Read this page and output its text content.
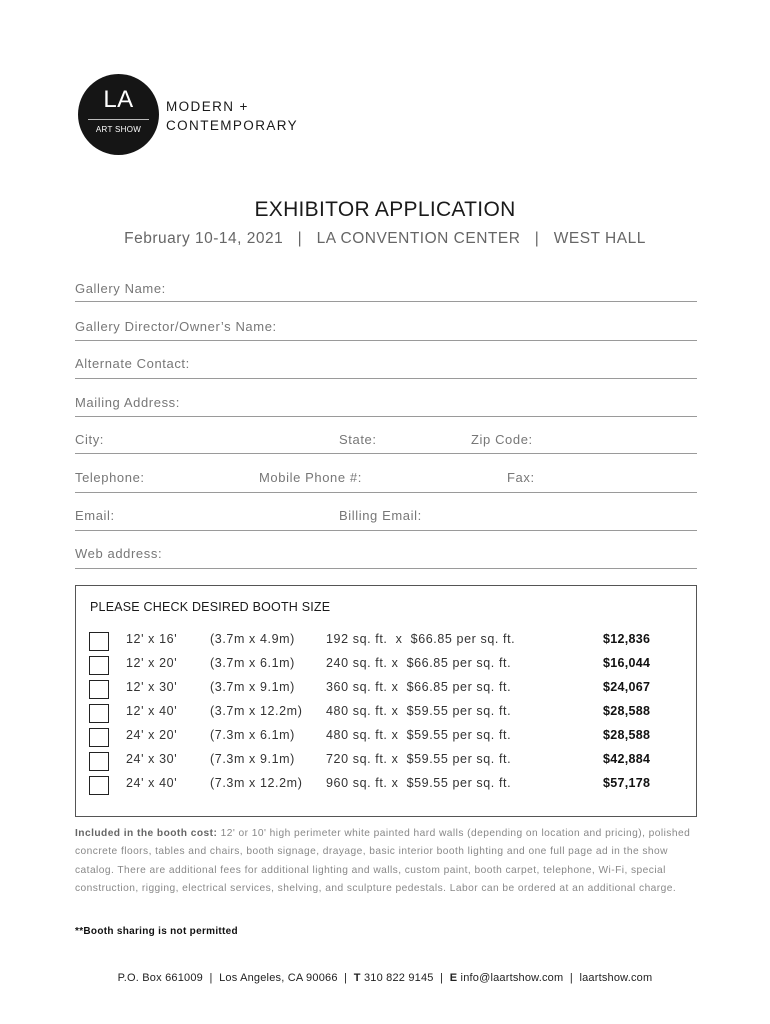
LA
ART SHOW
MODERN +
CONTEMPORARY
EXHIBITOR APPLICATION
February 10-14, 2021   |   LA CONVENTION CENTER   |   WEST HALL
Gallery Name:
Gallery Director/Owner’s Name:
Alternate Contact:
Mailing Address:
City:	State:	Zip Code:
Telephone:	Mobile Phone #:	Fax:
Email:	Billing Email:
Web address:
PLEASE CHECK DESIRED BOOTH SIZE
12' x 16'	(3.7m x 4.9m) 192 sq. ft.  x  $66.85 per sq. ft.	$12,836
12' x 20'	(3.7m x 6.1m) 240 sq. ft. x  $66.85 per sq. ft.	$16,044
12' x 30'	(3.7m x 9.1m) 360 sq. ft. x  $66.85 per sq. ft.	$24,067
12' x 40'	(3.7m x 12.2m) 480 sq. ft. x  $59.55 per sq. ft.	$28,588
24' x 20'	(7.3m x 6.1m) 480 sq. ft. x  $59.55 per sq. ft.	$28,588
24' x 30'	(7.3m x 9.1m) 720 sq. ft. x  $59.55 per sq. ft.	$42,884
24' x 40'	(7.3m x 12.2m) 960 sq. ft. x  $59.55 per sq. ft.	$57,178
Included in the booth cost: 12' or 10' high perimeter white painted hard walls (depending on location and pricing), polished concrete floors, tables and chairs, booth signage, drayage, basic interior booth lighting and one full page ad in the show catalog. There are additional fees for additional lighting and walls, custom paint, booth carpet, telephone, Wi-Fi, special construction, rigging, electrical services, shelving, and sculpture pedestals. Labor can be ordered at an additional charge.
**Booth sharing is not permitted
P.O. Box 661009  |  Los Angeles, CA 90066  |  T 310 822 9145  |  E info@laartshow.com  |  laartshow.com
